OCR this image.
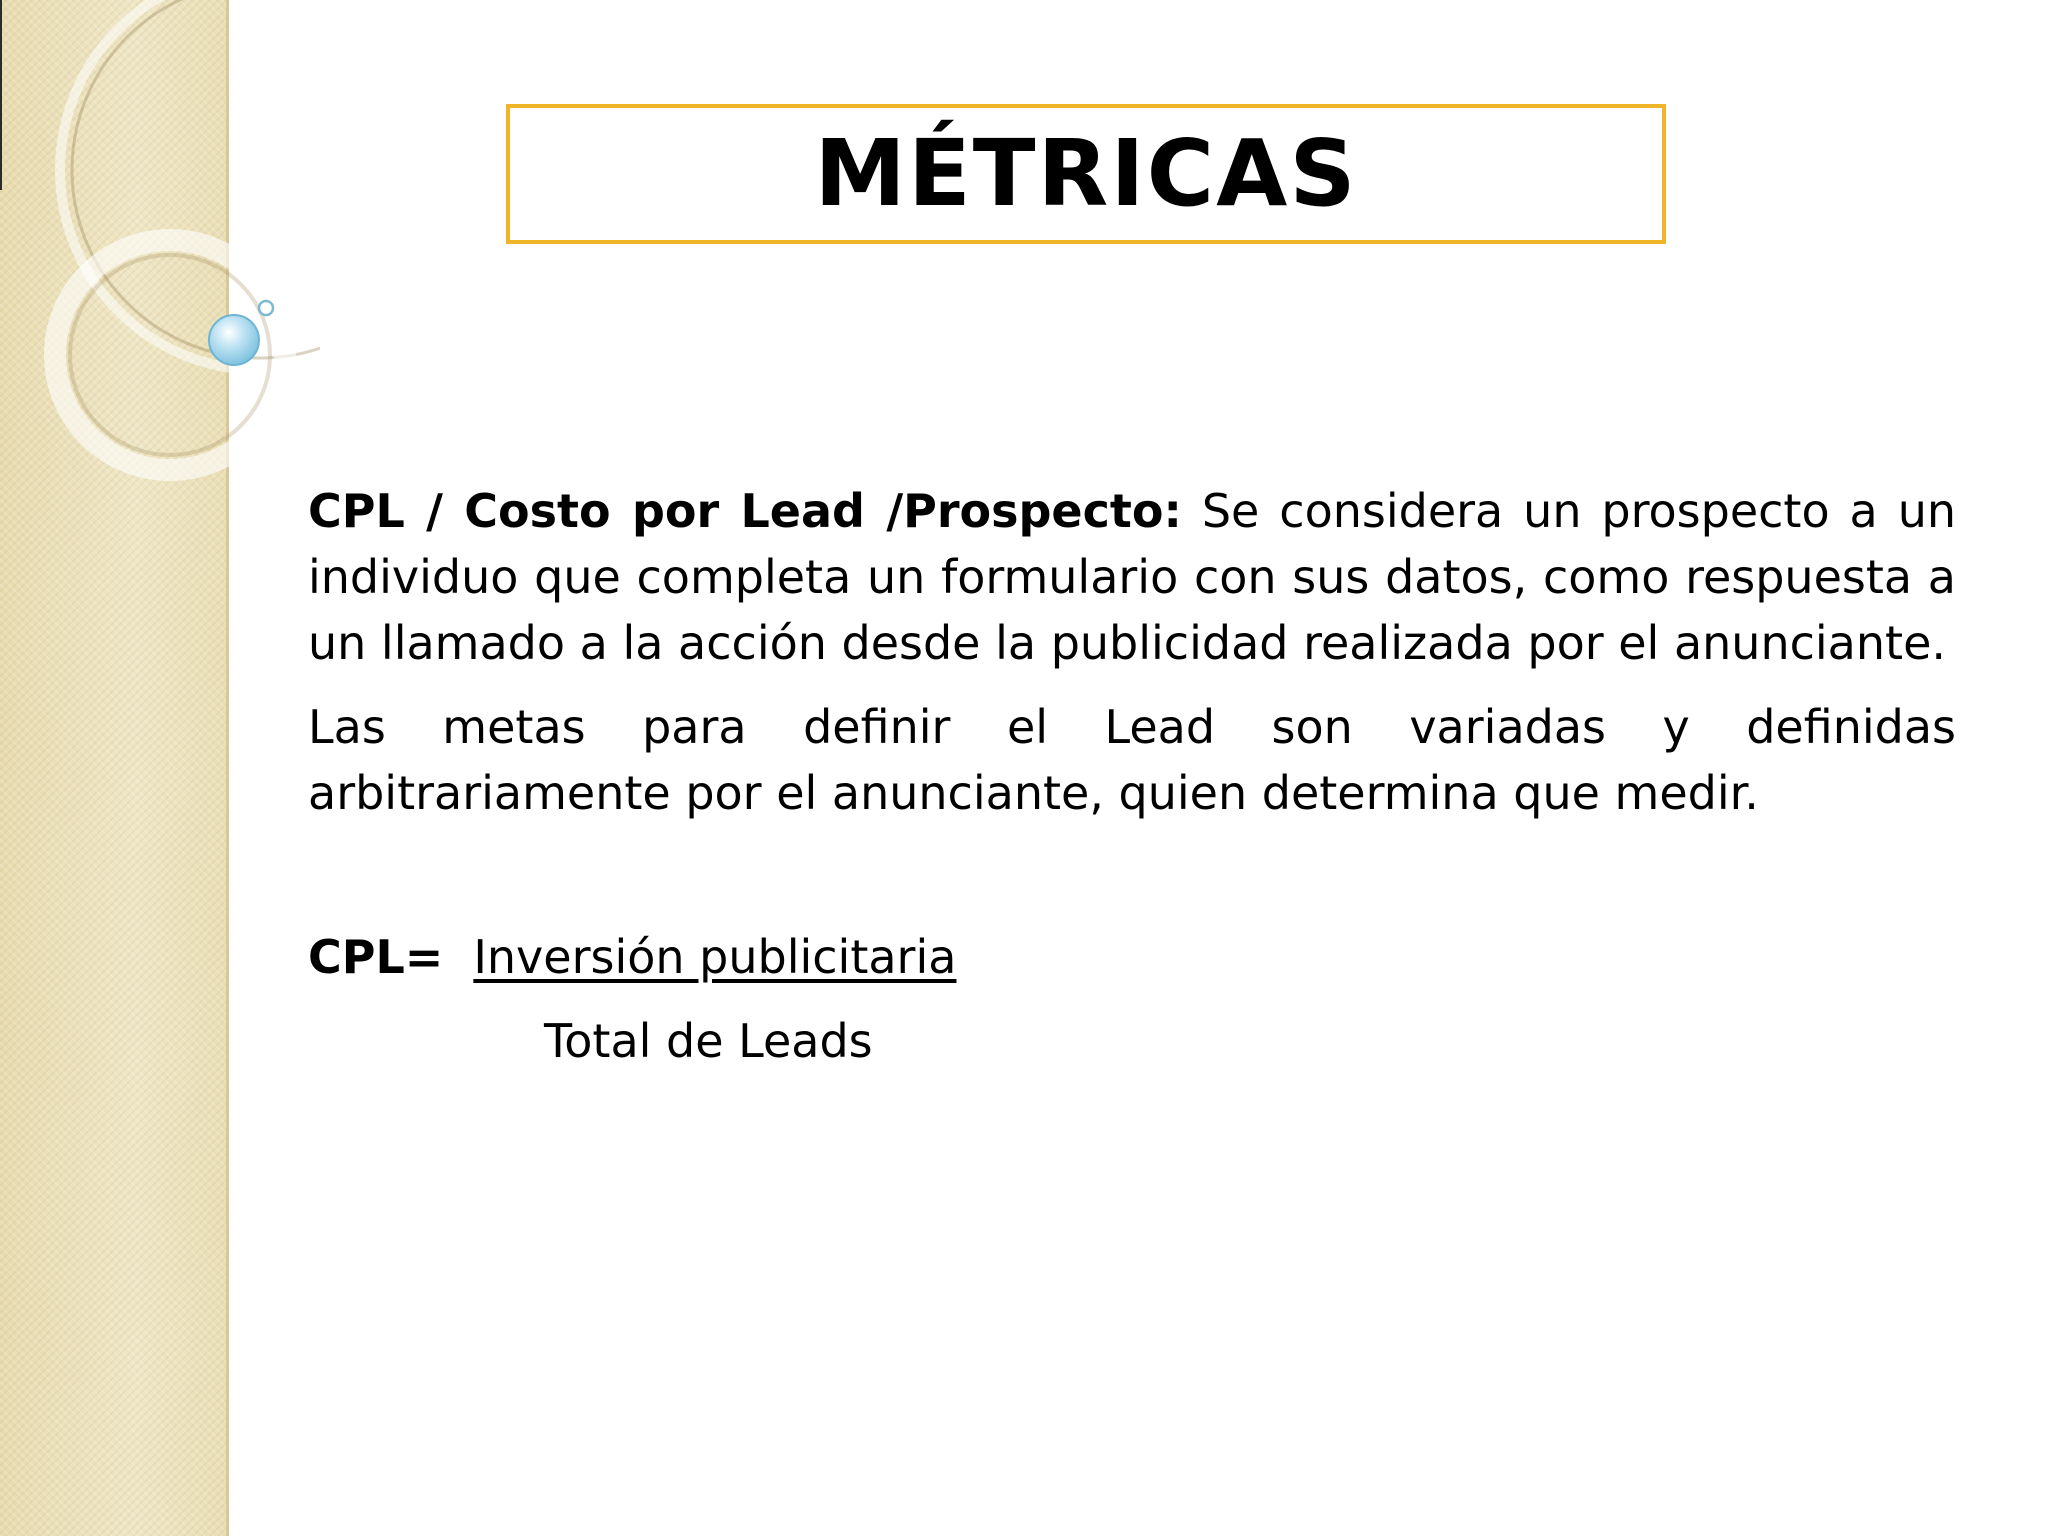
MÉTRICAS

CPL / Costo por Lead /Prospecto: Se considera un prospecto a un individuo que completa un formulario con sus datos, como respuesta a un llamado a la acción desde la publicidad realizada por el anunciante.

Las metas para definir el Lead son variadas y definidas arbitrariamente por el anunciante, quien determina que medir.

CPL= Inversión publicitaria
Total de Leads
